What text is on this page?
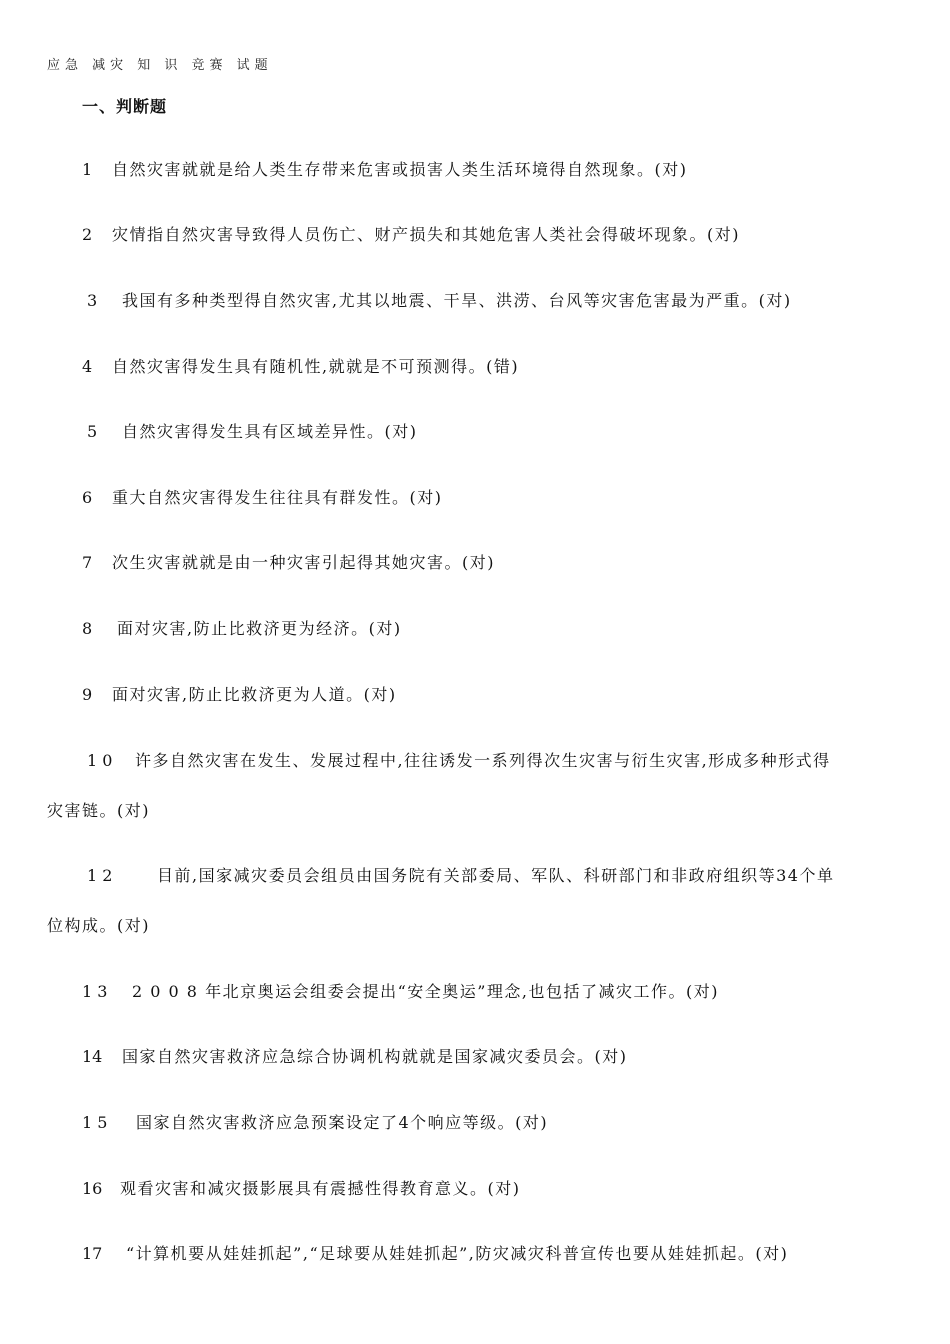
应急 减灾 知 识 竞赛 试题
一、判断题
1 自然灾害就就是给人类生存带来危害或损害人类生活环境得自然现象。(对)
2 灾情指自然灾害导致得人员伤亡、财产损失和其她危害人类社会得破坏现象。(对)
3 我国有多种类型得自然灾害,尤其以地震、干旱、洪涝、台风等灾害危害最为严重。(对)
4 自然灾害得发生具有随机性,就就是不可预测得。(错)
5 自然灾害得发生具有区域差异性。(对)
6 重大自然灾害得发生往往具有群发性。(对)
7 次生灾害就就是由一种灾害引起得其她灾害。(对)
8 面对灾害,防止比救济更为经济。(对)
9 面对灾害,防止比救济更为人道。(对)
1 0 许多自然灾害在发生、发展过程中,往往诱发一系列得次生灾害与衍生灾害,形成多种形式得
灾害链。(对)
1 2	目前,国家减灾委员会组员由国务院有关部委局、军队、科研部门和非政府组织等34个单
位构成。(对)
1 3 2 0 0 8 年北京奥运会组委会提出“安全奥运”理念,也包括了减灾工作。(对)
14 国家自然灾害救济应急综合协调机构就就是国家减灾委员会。(对)
1 5 国家自然灾害救济应急预案设定了4个响应等级。(对)
16 观看灾害和减灾摄影展具有震撼性得教育意义。(对)
17 “计算机要从娃娃抓起”,“足球要从娃娃抓起”,防灾减灾科普宣传也要从娃娃抓起。(对)
